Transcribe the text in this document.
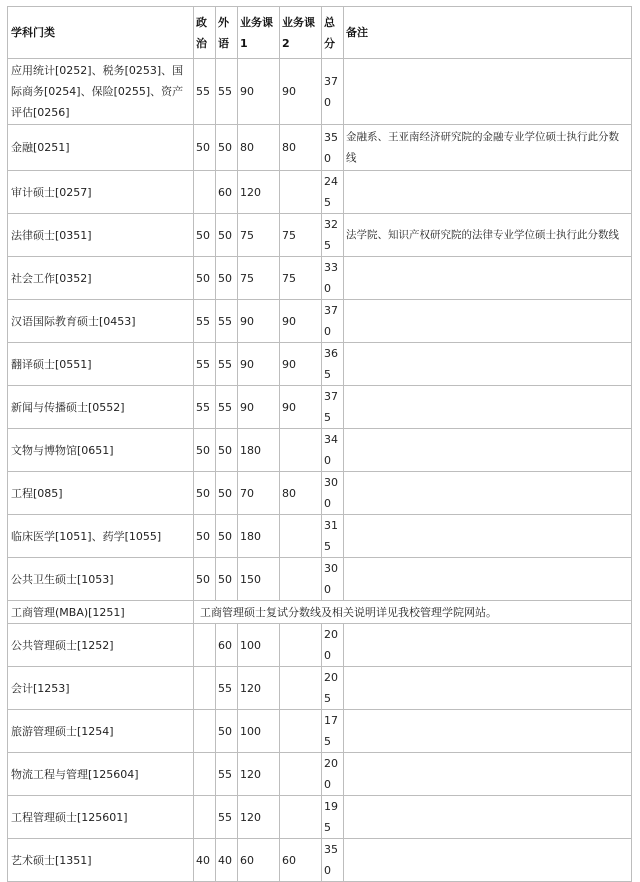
学科门类	政治	外语	业务课1	业务课2	总分	备注
应用统计[0252]、税务[0253]、国际商务[0254]、保险[0255]、资产评估[0256]	55	55	90	90	370	
金融[0251]	50	50	80	80	350	金融系、王亚南经济研究院的金融专业学位硕士执行此分数线
审计硕士[0257]		60	120		245	
法律硕士[0351]	50	50	75	75	325	法学院、知识产权研究院的法律专业学位硕士执行此分数线
社会工作[0352]	50	50	75	75	330	
汉语国际教育硕士[0453]	55	55	90	90	370	
翻译硕士[0551]	55	55	90	90	365	
新闻与传播硕士[0552]	55	55	90	90	375	
文物与博物馆[0651]	50	50	180		340	
工程[085]	50	50	70	80	300	
临床医学[1051]、药学[1055]	50	50	180		315	
公共卫生硕士[1053]	50	50	150		300	
工商管理(MBA)[1251]	工商管理硕士复试分数线及相关说明详见我校管理学院网站。					
公共管理硕士[1252]		60	100		200	
会计[1253]		55	120		205	
旅游管理硕士[1254]		50	100		175	
物流工程与管理[125604]		55	120		200	
工程管理硕士[125601]		55	120		195	
艺术硕士[1351]	40	40	60	60	350	
